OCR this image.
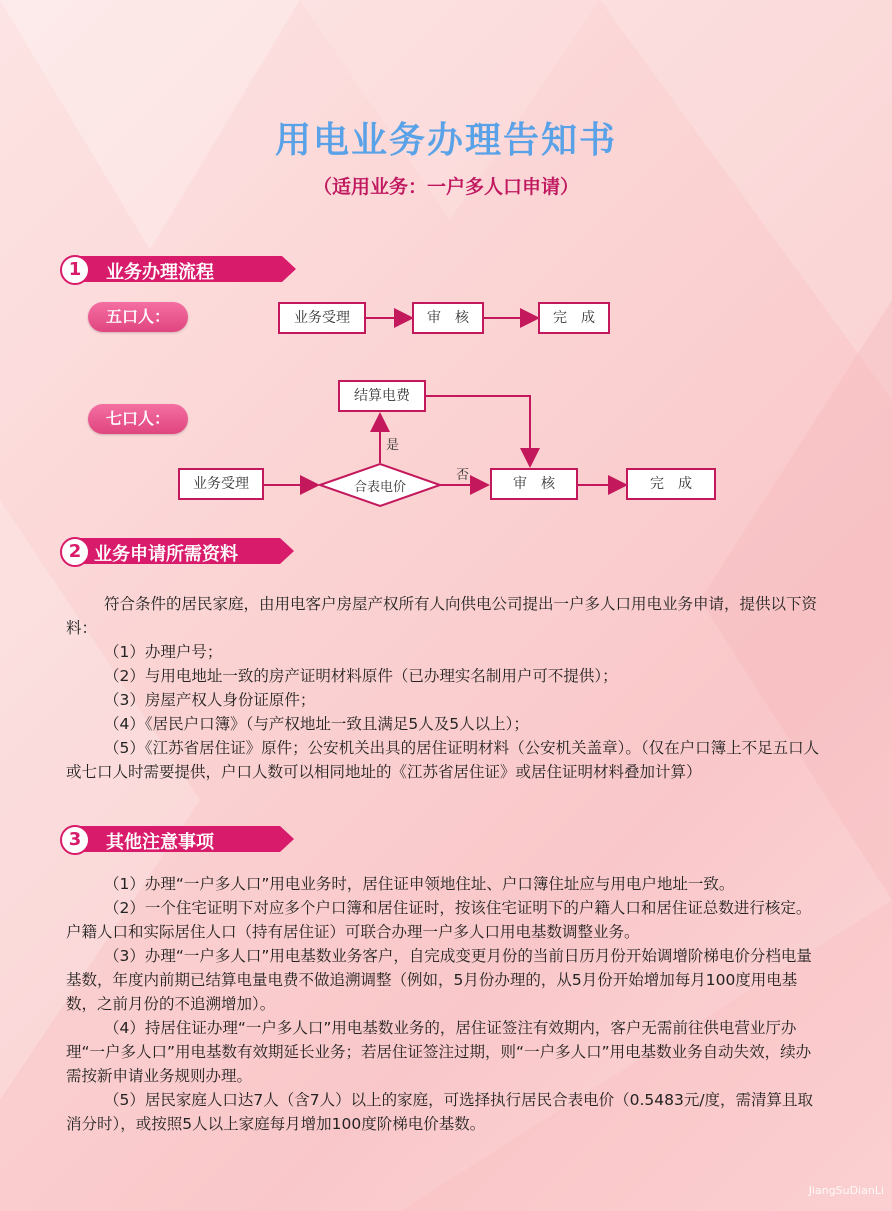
用电业务办理告知书
（适用业务：一户多人口申请）
1	业务办理流程
五口人：
七口人：
业务受理	审　核	完　成
结算电费
业务受理	合表电价	审　核	完　成
是
否
2 业务申请所需资料

符合条件的居民家庭，由用电客户房屋产权所有人向供电公司提出一户多人口用电业务申请，提供以下资料：

（1）办理户号；

（2）与用电地址一致的房产证明材料原件（已办理实名制用户可不提供）；

（3）房屋产权人身份证原件；

（4）《居民户口簿》（与产权地址一致且满足5人及5人以上）；

（5）《江苏省居住证》原件；公安机关出具的居住证明材料（公安机关盖章）。（仅在户口簿上不足五口人或七口人时需要提供，户口人数可以相同地址的《江苏省居住证》或居住证明材料叠加计算）

3	其他注意事项

（1）办理“一户多人口”用电业务时，居住证申领地住址、户口簿住址应与用电户地址一致。

（2）一个住宅证明下对应多个户口簿和居住证时，按该住宅证明下的户籍人口和居住证总数进行核定。户籍人口和实际居住人口（持有居住证）可联合办理一户多人口用电基数调整业务。

（3）办理“一户多人口”用电基数业务客户，自完成变更月份的当前日历月份开始调增阶梯电价分档电量基数，年度内前期已结算电量电费不做追溯调整（例如，5月份办理的，从5月份开始增加每月100度用电基数，之前月份的不追溯增加）。

（4）持居住证办理“一户多人口”用电基数业务的，居住证签注有效期内，客户无需前往供电营业厅办理“一户多人口”用电基数有效期延长业务；若居住证签注过期，则“一户多人口”用电基数业务自动失效，续办需按新申请业务规则办理。

（5）居民家庭人口达7人（含7人）以上的家庭，可选择执行居民合表电价（0.5483元/度，需清算且取消分时），或按照5人以上家庭每月增加100度阶梯电价基数。

JiangSuDianLi
